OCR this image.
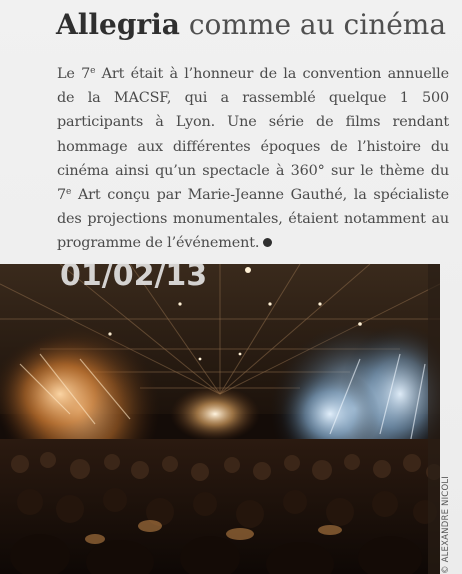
Allegria comme au cinéma

Le 7e Art était à l’honneur de la convention annuelle de la MACSF, qui a rassemblé quelque 1 500 participants à Lyon. Une série de films rendant hommage aux différentes époques de l’histoire du cinéma ainsi qu’un spectacle à 360° sur le thème du 7e Art conçu par Marie-Jeanne Gauthé, la spécialiste des projections monumentales, étaient notamment au programme de l’événement.

01/02/13
© ALEXANDRE NICOLI
